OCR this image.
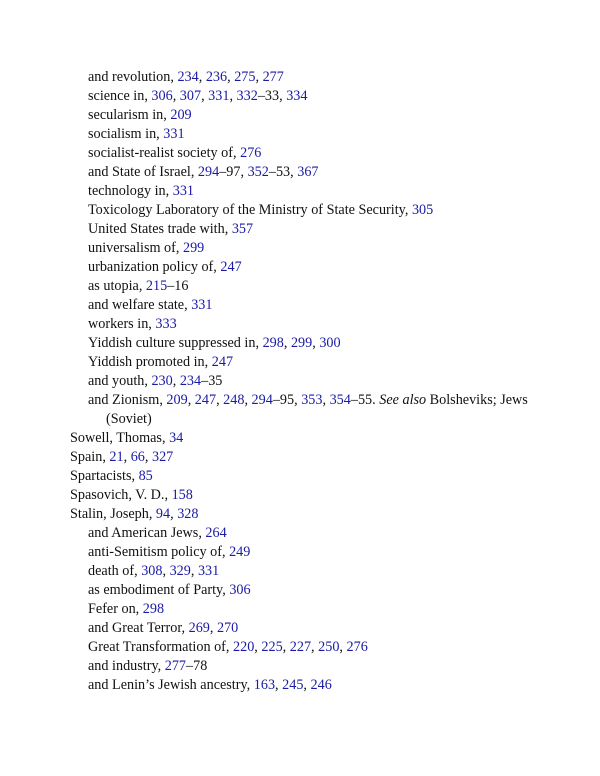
and revolution, 234, 236, 275, 277
science in, 306, 307, 331, 332–33, 334
secularism in, 209
socialism in, 331
socialist-realist society of, 276
and State of Israel, 294–97, 352–53, 367
technology in, 331
Toxicology Laboratory of the Ministry of State Security, 305
United States trade with, 357
universalism of, 299
urbanization policy of, 247
as utopia, 215–16
and welfare state, 331
workers in, 333
Yiddish culture suppressed in, 298, 299, 300
Yiddish promoted in, 247
and youth, 230, 234–35
and Zionism, 209, 247, 248, 294–95, 353, 354–55. See also Bolsheviks; Jews (Soviet)
Sowell, Thomas, 34
Spain, 21, 66, 327
Spartacists, 85
Spasovich, V. D., 158
Stalin, Joseph, 94, 328
and American Jews, 264
anti-Semitism policy of, 249
death of, 308, 329, 331
as embodiment of Party, 306
Fefer on, 298
and Great Terror, 269, 270
Great Transformation of, 220, 225, 227, 250, 276
and industry, 277–78
and Lenin’s Jewish ancestry, 163, 245, 246
